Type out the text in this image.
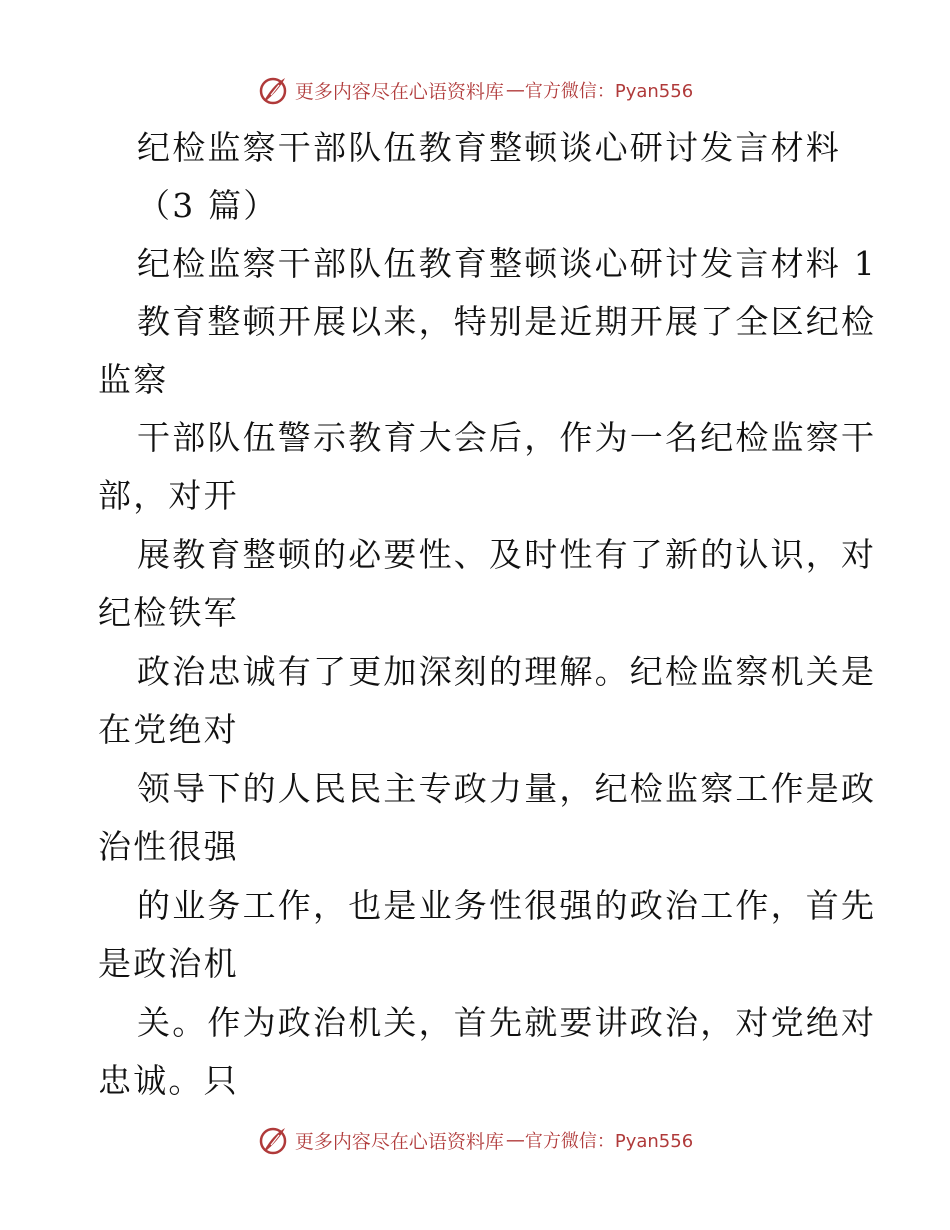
更多内容尽在心语资料库 — 官方微信：Pyan556
纪检监察干部队伍教育整顿谈心研讨发言材料
（3 篇）
纪检监察干部队伍教育整顿谈心研讨发言材料 1
教育整顿开展以来，特别是近期开展了全区纪检
监察
干部队伍警示教育大会后，作为一名纪检监察干
部，对开
展教育整顿的必要性、及时性有了新的认识，对
纪检铁军
政治忠诚有了更加深刻的理解。纪检监察机关是
在党绝对
领导下的人民民主专政力量，纪检监察工作是政
治性很强
的业务工作，也是业务性很强的政治工作，首先
是政治机
关。作为政治机关，首先就要讲政治，对党绝对
忠诚。只
更多内容尽在心语资料库 — 官方微信：Pyan556
